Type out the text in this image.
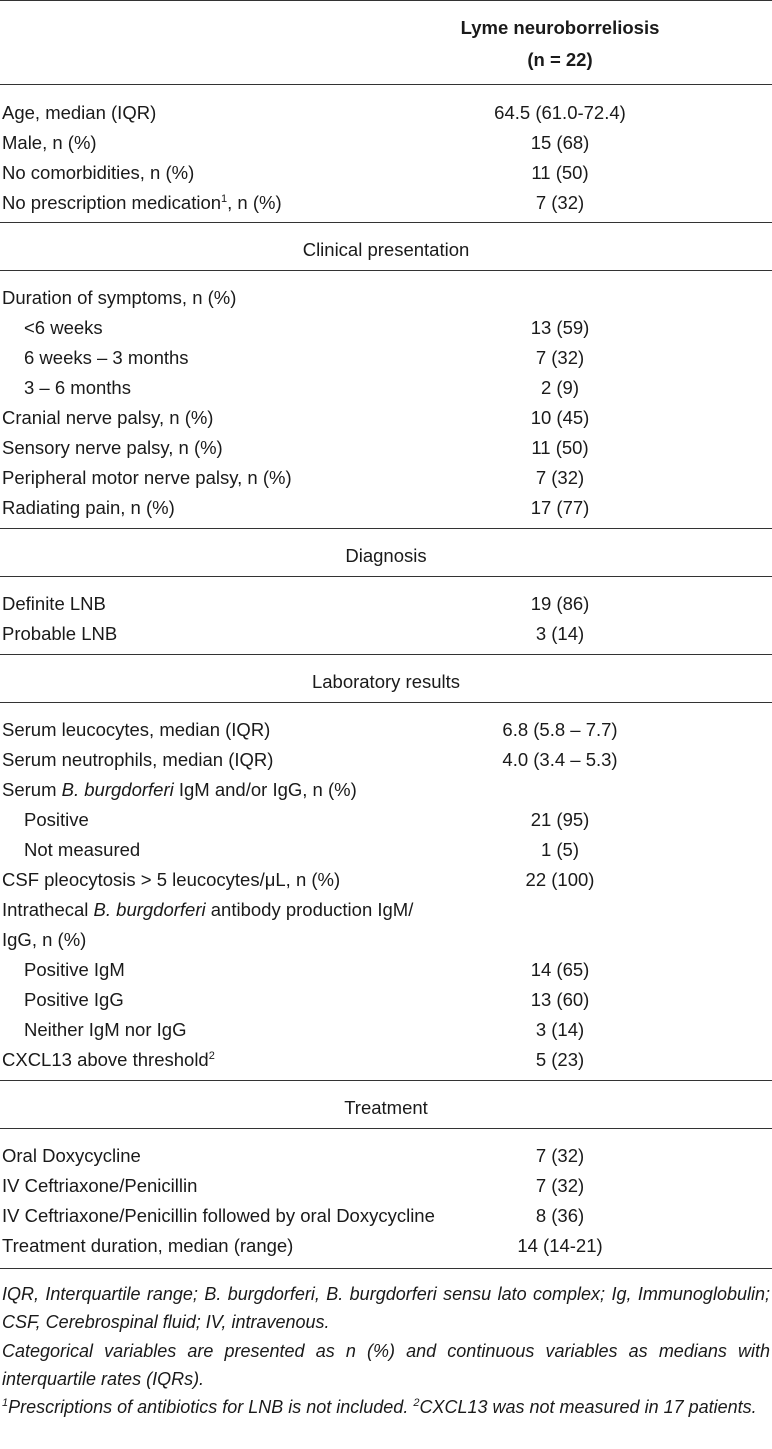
Lyme neuroborreliosis
(n = 22)
Age, median (IQR)	64.5 (61.0-72.4)
Male, n (%)	15 (68)
No comorbidities, n (%)	11 (50)
No prescription medication$^1$, n (%)	7 (32)
Clinical presentation
Duration of symptoms, n (%)
<6 weeks	13 (59)
6 weeks – 3 months	7 (32)
3 – 6 months	2 (9)
Cranial nerve palsy, n (%)	10 (45)
Sensory nerve palsy, n (%)	11 (50)
Peripheral motor nerve palsy, n (%)	7 (32)
Radiating pain, n (%)	17 (77)
Diagnosis
Definite LNB	19 (86)
Probable LNB	3 (14)
Laboratory results
Serum leucocytes, median (IQR)	6.8 (5.8 – 7.7)
Serum neutrophils, median (IQR)	4.0 (3.4 – 5.3)
Serum B. burgdorferi IgM and/or IgG, n (%)
Positive	21 (95)
Not measured	1 (5)
CSF pleocytosis > 5 leucocytes/μL, n (%)	22 (100)
Intrathecal B. burgdorferi antibody production IgM/
IgG, n (%)
Positive IgM	14 (65)
Positive IgG	13 (60)
Neither IgM nor IgG	3 (14)
CXCL13 above threshold$^2$	5 (23)
Treatment
Oral Doxycycline	7 (32)
IV Ceftriaxone/Penicillin	7 (32)
IV Ceftriaxone/Penicillin followed by oral Doxycycline	8 (36)
Treatment duration, median (range)	14 (14-21)
IQR, Interquartile range; B. burgdorferi, B. burgdorferi sensu lato complex; Ig, Immunoglobulin; CSF, Cerebrospinal fluid; IV, intravenous.
Categorical variables are presented as n (%) and continuous variables as medians with interquartile rates (IQRs).
$^1$Prescriptions of antibiotics for LNB is not included. $^2$CXCL13 was not measured in 17 patients.
